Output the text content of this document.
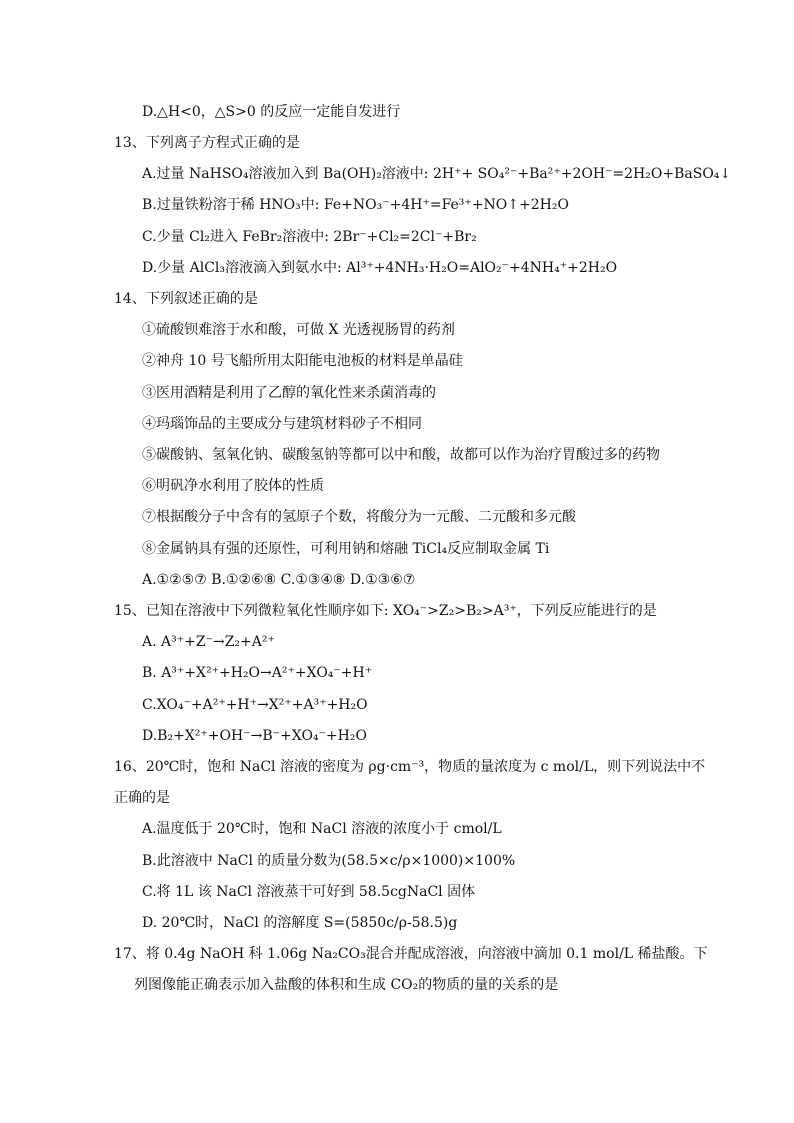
D.△H<0，△S>0 的反应一定能自发进行
13、下列离子方程式正确的是
A.过量 NaHSO₄溶液加入到 Ba(OH)₂溶液中: 2H⁺+ SO₄²⁻+Ba²⁺+2OH⁻=2H₂O+BaSO₄↓
B.过量铁粉溶于稀 HNO₃中: Fe+NO₃⁻+4H⁺=Fe³⁺+NO↑+2H₂O
C.少量 Cl₂进入 FeBr₂溶液中: 2Br⁻+Cl₂=2Cl⁻+Br₂
D.少量 AlCl₃溶液滴入到氨水中: Al³⁺+4NH₃·H₂O=AlO₂⁻+4NH₄⁺+2H₂O
14、下列叙述正确的是
①硫酸钡难溶于水和酸，可做 X 光透视肠胃的药剂
②神舟 10 号飞船所用太阳能电池板的材料是单晶硅
③医用酒精是利用了乙醇的氧化性来杀菌消毒的
④玛瑙饰品的主要成分与建筑材料砂子不相同
⑤碳酸钠、氢氧化钠、碳酸氢钠等都可以中和酸，故都可以作为治疗胃酸过多的药物
⑥明矾净水利用了胶体的性质
⑦根据酸分子中含有的氢原子个数，将酸分为一元酸、二元酸和多元酸
⑧金属钠具有强的还原性，可利用钠和熔融 TiCl₄反应制取金属 Ti
A.①②⑤⑦ B.①②⑥⑧ C.①③④⑧ D.①③⑥⑦
15、已知在溶液中下列微粒氧化性顺序如下: XO₄⁻>Z₂>B₂>A³⁺，下列反应能进行的是
A. A³⁺+Z⁻→Z₂+A²⁺
B. A³⁺+X²⁺+H₂O→A²⁺+XO₄⁻+H⁺
C.XO₄⁻+A²⁺+H⁺→X²⁺+A³⁺+H₂O
D.B₂+X²⁺+OH⁻→B⁻+XO₄⁻+H₂O
16、20℃时，饱和 NaCl 溶液的密度为 ρg·cm⁻³，物质的量浓度为 c mol/L，则下列说法中不
正确的是
A.温度低于 20℃时，饱和 NaCl 溶液的浓度小于 cmol/L
B.此溶液中 NaCl 的质量分数为(58.5×c/ρ×1000)×100%
C.将 1L 该 NaCl 溶液蒸干可好到 58.5cgNaCl 固体
D. 20℃时，NaCl 的溶解度 S=(5850c/ρ-58.5)g
17、将 0.4g NaOH 科 1.06g Na₂CO₃混合并配成溶液，向溶液中滴加 0.1 mol/L 稀盐酸。下
列图像能正确表示加入盐酸的体积和生成 CO₂的物质的量的关系的是
